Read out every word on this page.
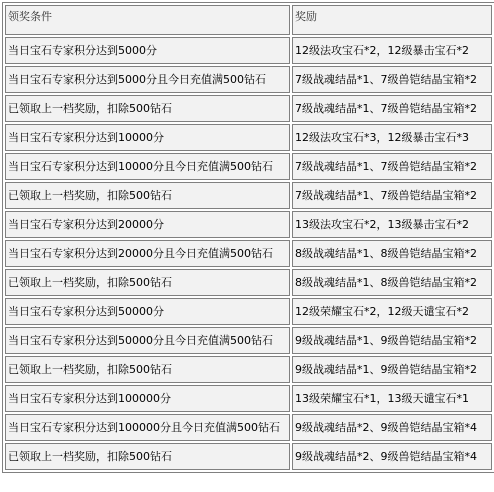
领奖条件	奖励
当日宝石专家积分达到5000分	12级法攻宝石*2，12级暴击宝石*2
当日宝石专家积分达到5000分且今日充值满500钻石	7级战魂结晶*1、7级兽铠结晶宝箱*2
已领取上一档奖励，扣除500钻石	7级战魂结晶*1、7级兽铠结晶宝箱*2
当日宝石专家积分达到10000分	12级法攻宝石*3，12级暴击宝石*3
当日宝石专家积分达到10000分且今日充值满500钻石	7级战魂结晶*1、7级兽铠结晶宝箱*2
已领取上一档奖励，扣除500钻石	7级战魂结晶*1、7级兽铠结晶宝箱*2
当日宝石专家积分达到20000分	13级法攻宝石*2，13级暴击宝石*2
当日宝石专家积分达到20000分且今日充值满500钻石	8级战魂结晶*1、8级兽铠结晶宝箱*2
已领取上一档奖励，扣除500钻石	8级战魂结晶*1、8级兽铠结晶宝箱*2
当日宝石专家积分达到50000分	12级荣耀宝石*2，12级天谴宝石*2
当日宝石专家积分达到50000分且今日充值满500钻石	9级战魂结晶*1、9级兽铠结晶宝箱*2
已领取上一档奖励，扣除500钻石	9级战魂结晶*1、9级兽铠结晶宝箱*2
当日宝石专家积分达到100000分	13级荣耀宝石*1，13级天谴宝石*1
当日宝石专家积分达到100000分且今日充值满500钻石	9级战魂结晶*2、9级兽铠结晶宝箱*4
已领取上一档奖励，扣除500钻石	9级战魂结晶*2、9级兽铠结晶宝箱*4
